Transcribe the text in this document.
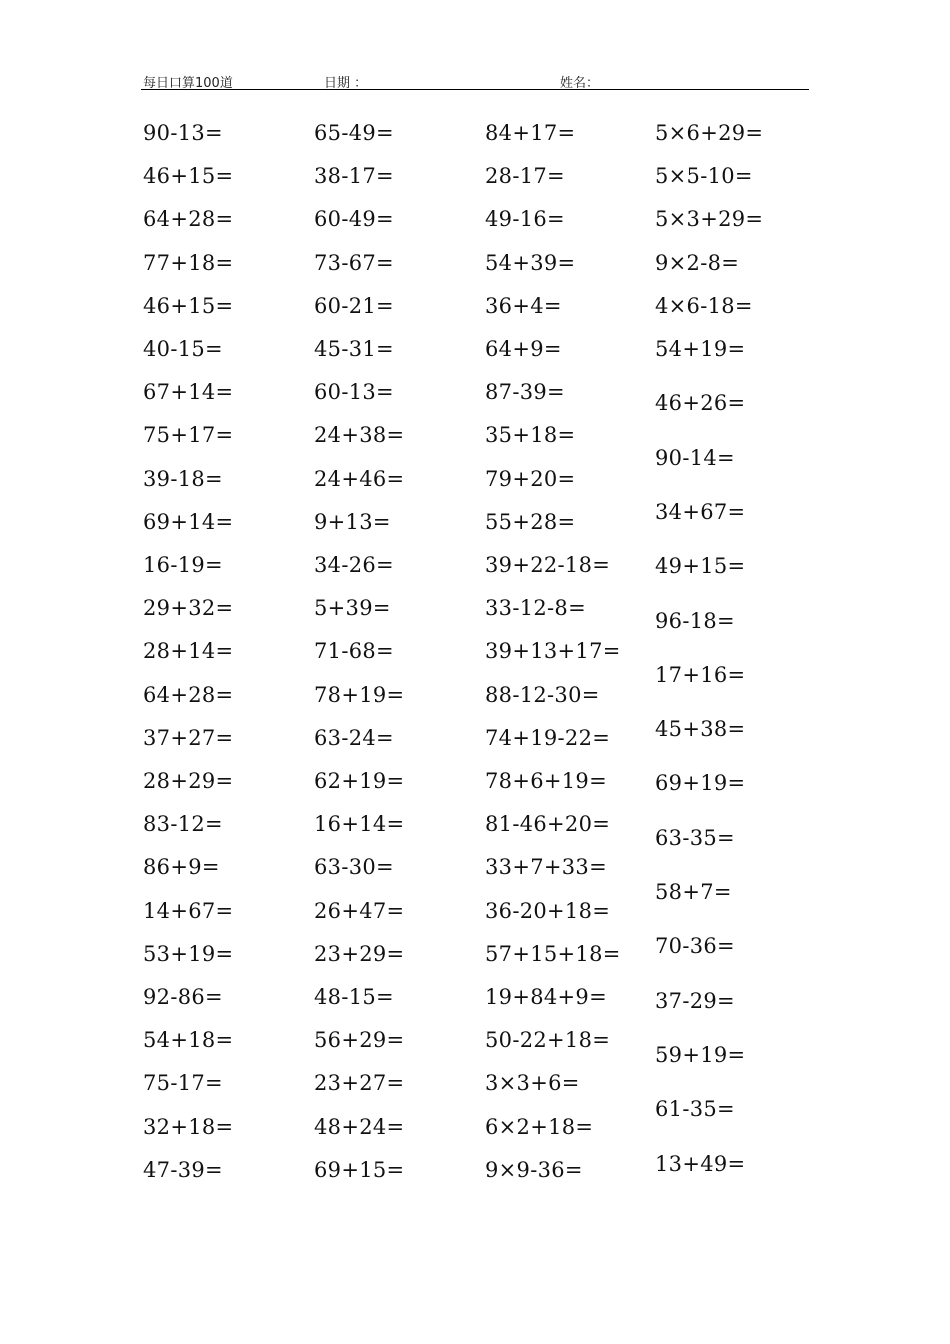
每日口算100道	日期 ：	姓名：
90-13=
46+15=
64+28=
77+18=
46+15=
40-15=
67+14=
75+17=
39-18=
69+14=
16-19=
29+32=
28+14=
64+28=
37+27=
28+29=
83-12=
86+9=
14+67=
53+19=
92-86=
54+18=
75-17=
32+18=
47-39=
65-49=
38-17=
60-49=
73-67=
60-21=
45-31=
60-13=
24+38=
24+46=
9+13=
34-26=
5+39=
71-68=
78+19=
63-24=
62+19=
16+14=
63-30=
26+47=
23+29=
48-15=
56+29=
23+27=
48+24=
69+15=
84+17=
28-17=
49-16=
54+39=
36+4=
64+9=
87-39=
35+18=
79+20=
55+28=
39+22-18=
33-12-8=
39+13+17=
88-12-30=
74+19-22=
78+6+19=
81-46+20=
33+7+33=
36-20+18=
57+15+18=
19+84+9=
50-22+18=
3×3+6=
6×2+18=
9×9-36=
5×6+29=
5×5-10=
5×3+29=
9×2-8=
4×6-18=
54+19=
46+26=
90-14=
34+67=
49+15=
96-18=
17+16=
45+38=
69+19=
63-35=
58+7=
70-36=
37-29=
59+19=
61-35=
13+49=
